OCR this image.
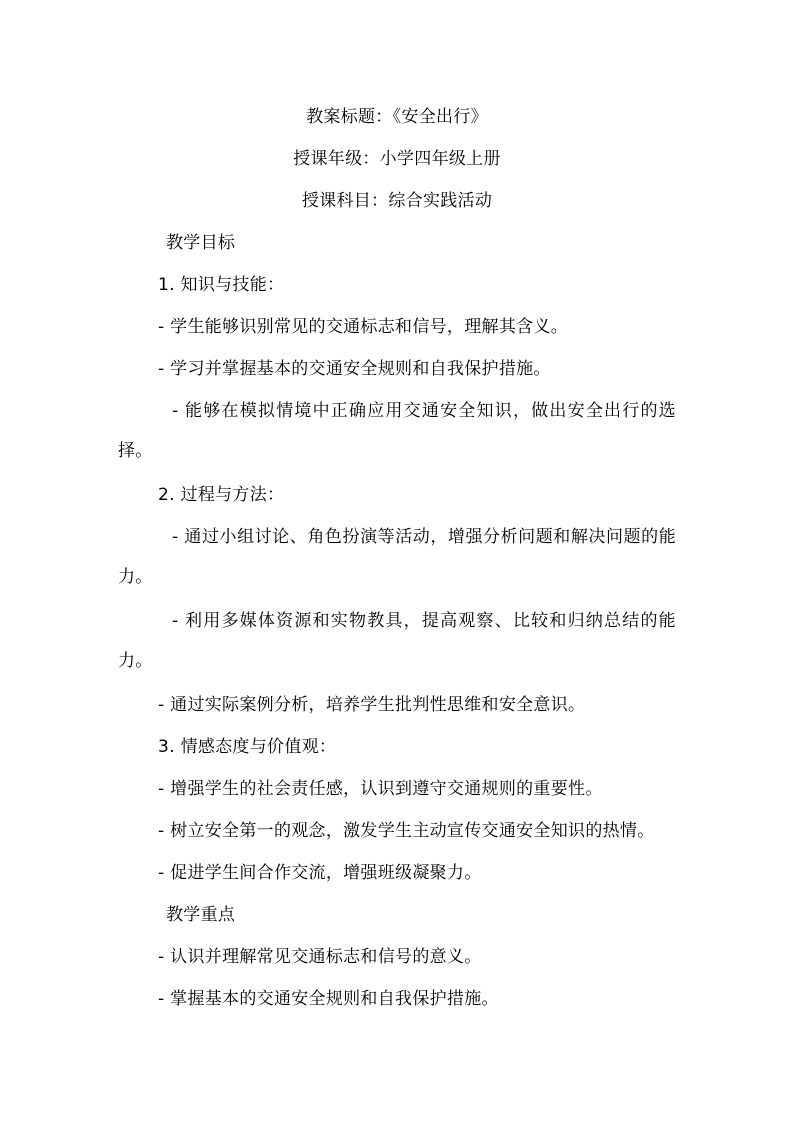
教案标题：《安全出行》
授课年级：小学四年级上册
授课科目：综合实践活动
教学目标
1. 知识与技能：
- 学生能够识别常见的交通标志和信号，理解其含义。
- 学习并掌握基本的交通安全规则和自我保护措施。
- 能够在模拟情境中正确应用交通安全知识，做出安全出行的选择。
2. 过程与方法：
- 通过小组讨论、角色扮演等活动，增强分析问题和解决问题的能力。
- 利用多媒体资源和实物教具，提高观察、比较和归纳总结的能力。
- 通过实际案例分析，培养学生批判性思维和安全意识。
3. 情感态度与价值观：
- 增强学生的社会责任感，认识到遵守交通规则的重要性。
- 树立安全第一的观念，激发学生主动宣传交通安全知识的热情。
- 促进学生间合作交流，增强班级凝聚力。
教学重点
- 认识并理解常见交通标志和信号的意义。
- 掌握基本的交通安全规则和自我保护措施。
